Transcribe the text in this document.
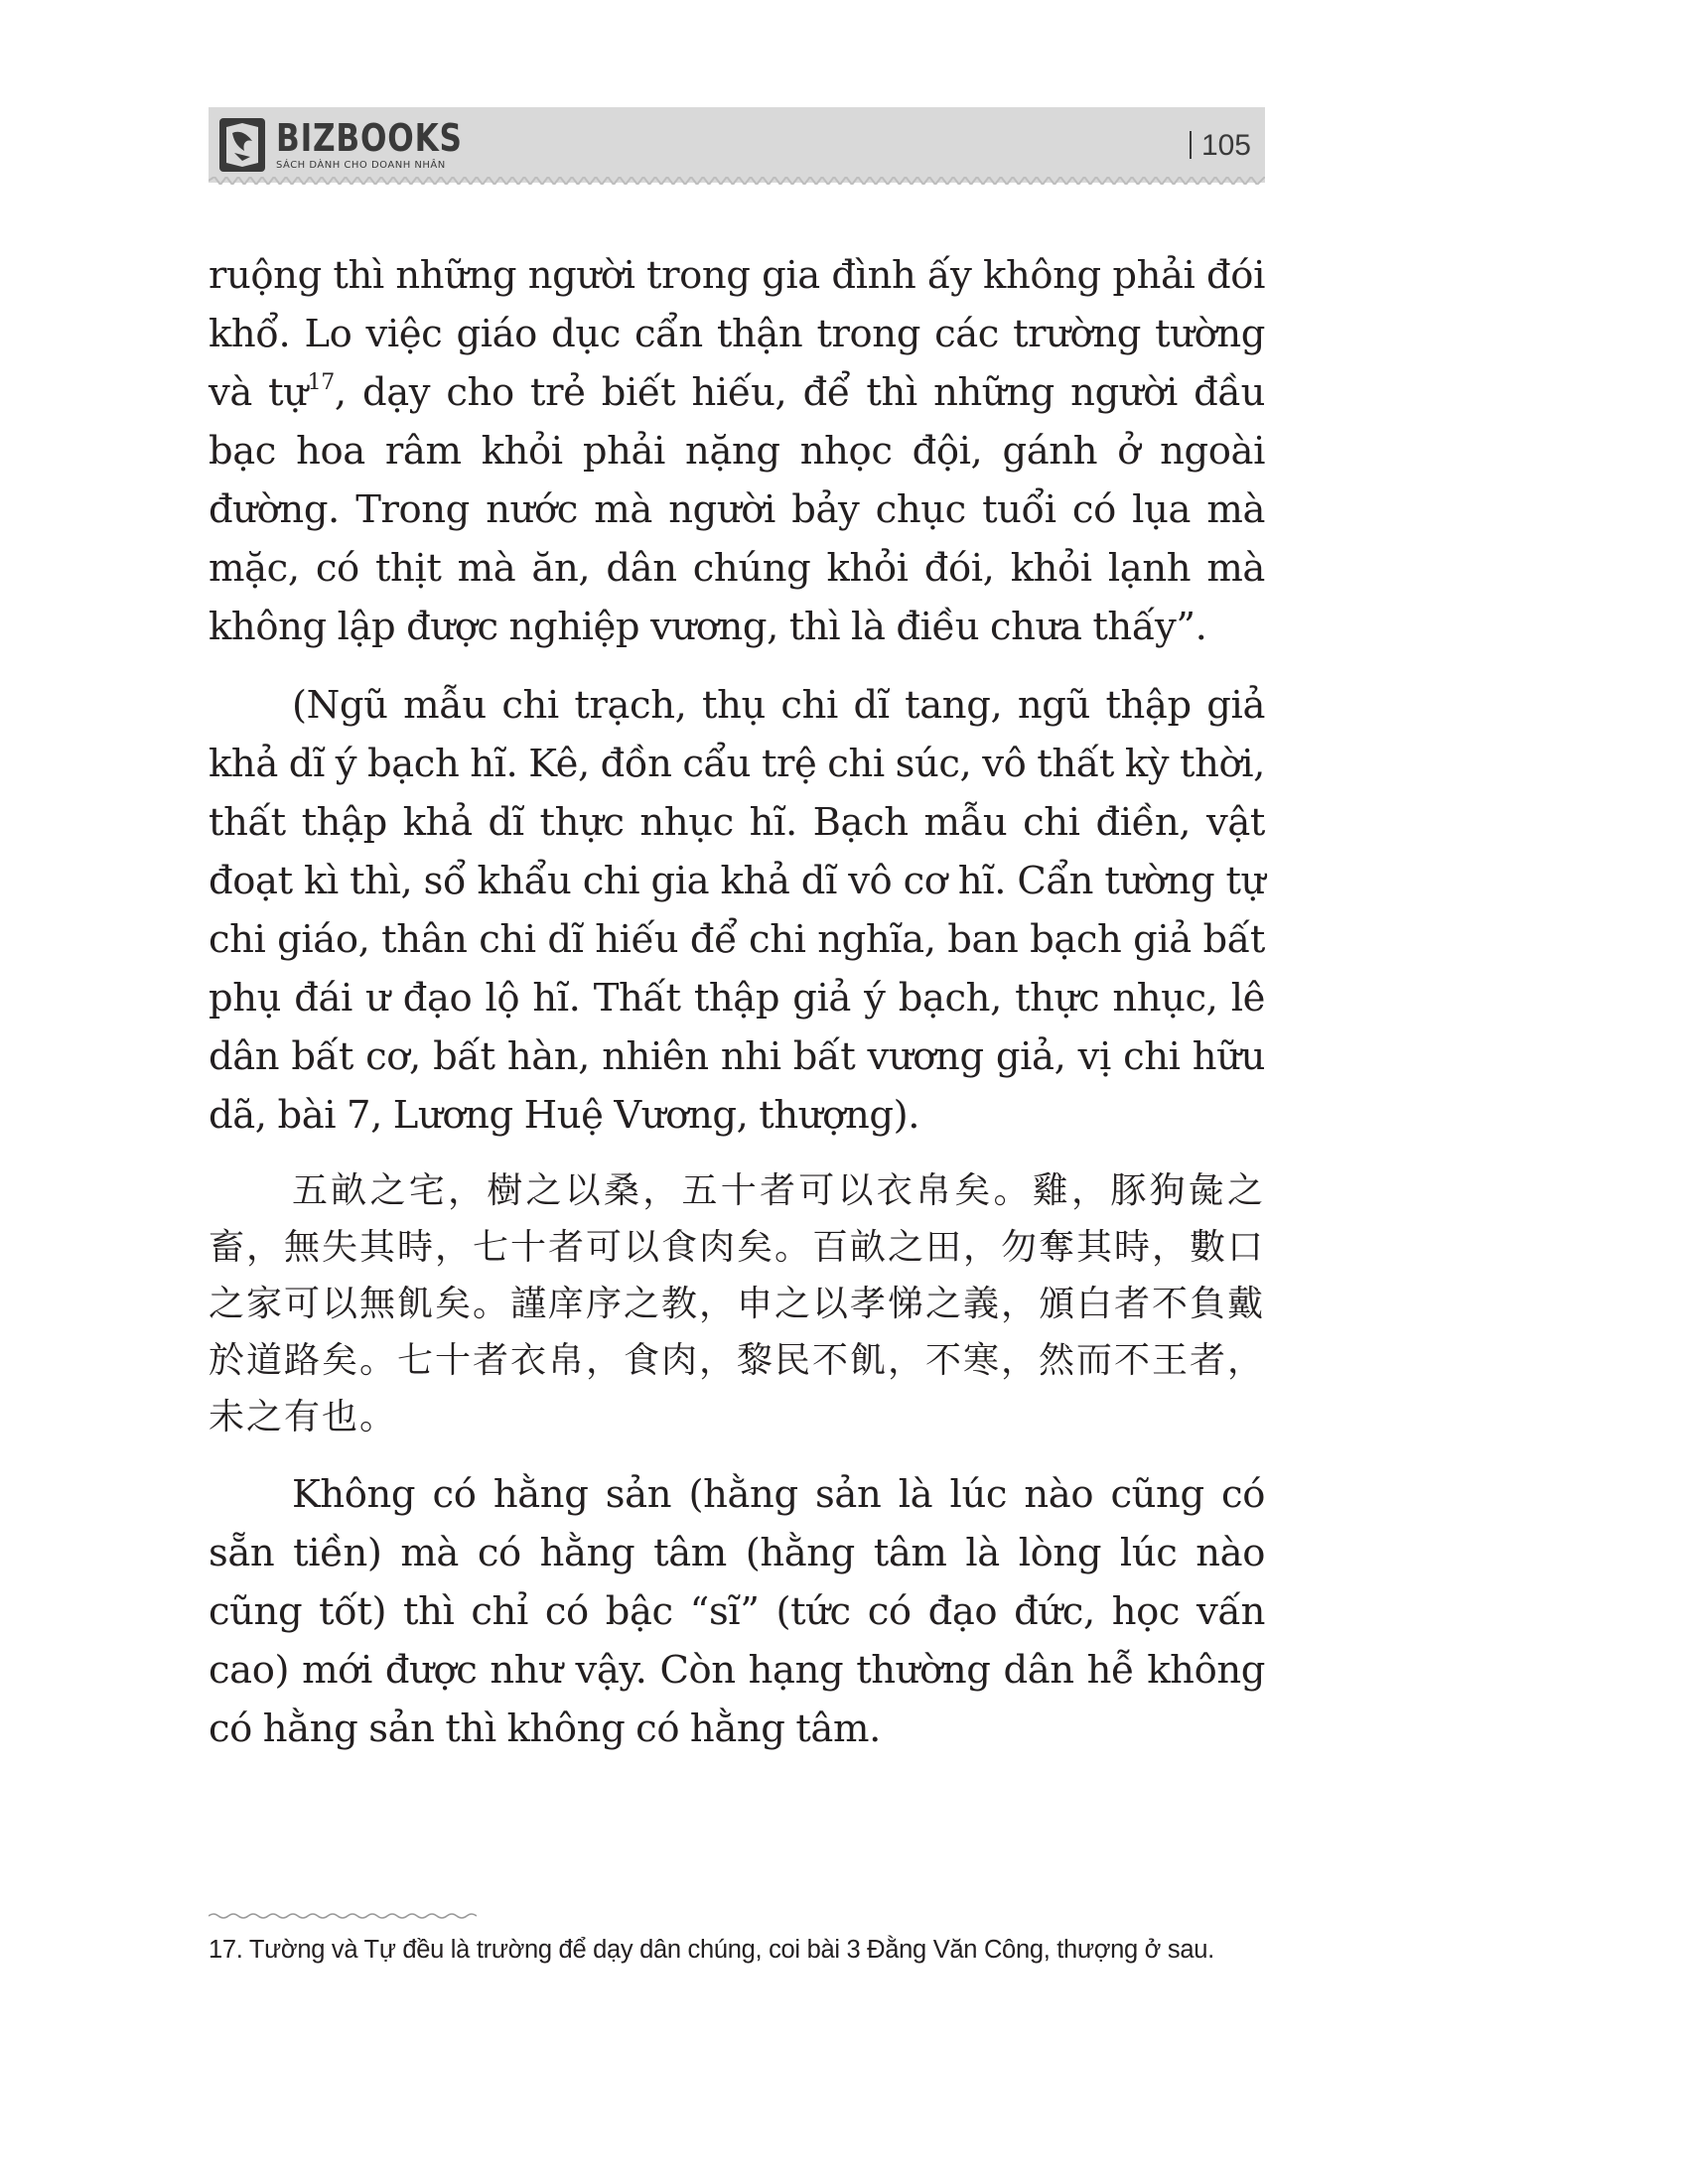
BIZBOOKS
SÁCH DÀNH CHO DOANH NHÂN
105

ruộng thì những người trong gia đình ấy không phải đói khổ. Lo việc giáo dục cẩn thận trong các trường tường và tự$^{17}$, dạy cho trẻ biết hiếu, để thì những người đầu bạc hoa râm khỏi phải nặng nhọc đội, gánh ở ngoài đường. Trong nước mà người bảy chục tuổi có lụa mà mặc, có thịt mà ăn, dân chúng khỏi đói, khỏi lạnh mà không lập được nghiệp vương, thì là điều chưa thấy”.

(Ngũ mẫu chi trạch, thụ chi dĩ tang, ngũ thập giả khả dĩ ý bạch hĩ. Kê, đồn cẩu trệ chi súc, vô thất kỳ thời, thất thập khả dĩ thực nhục hĩ. Bạch mẫu chi điền, vật đoạt kì thì, sổ khẩu chi gia khả dĩ vô cơ hĩ. Cẩn tường tự chi giáo, thân chi dĩ hiếu để chi nghĩa, ban bạch giả bất phụ đái ư đạo lộ hĩ. Thất thập giả ý bạch, thực nhục, lê dân bất cơ, bất hàn, nhiên nhi bất vương giả, vị chi hữu dã, bài 7, Lương Huệ Vương, thượng).

五畝之宅，樹之以桑，五十者可以衣帛矣。雞，豚狗彘之畜，無失其時，七十者可以食肉矣。百畝之田，勿奪其時，數口之家可以無飢矣。謹庠序之教，申之以孝悌之義，頒白者不負戴於道路矣。七十者衣帛，食肉，黎民不飢，不寒，然而不王者，未之有也。

Không có hằng sản (hằng sản là lúc nào cũng có sẵn tiền) mà có hằng tâm (hằng tâm là lòng lúc nào cũng tốt) thì chỉ có bậc “sĩ” (tức có đạo đức, học vấn cao) mới được như vậy. Còn hạng thường dân hễ không có hằng sản thì không có hằng tâm.

17. Tường và Tự đều là trường để dạy dân chúng, coi bài 3 Đằng Văn Công, thượng ở sau.
